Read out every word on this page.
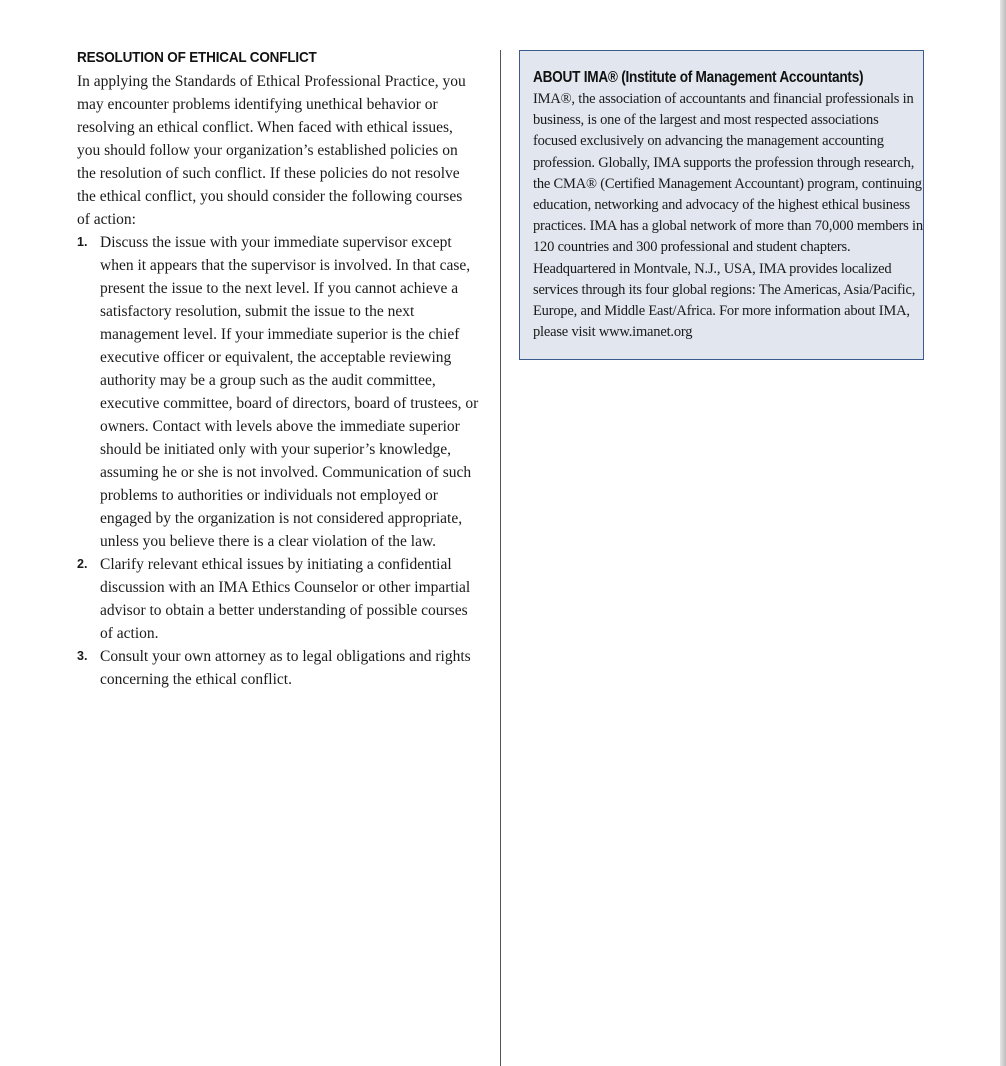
RESOLUTION OF ETHICAL CONFLICT

In applying the Standards of Ethical Professional Practice, you may encounter problems identifying unethical behavior or resolving an ethical conflict. When faced with ethical issues, you should follow your organization’s established policies on the resolution of such conflict. If these policies do not resolve the ethical conflict, you should consider the following courses of action:

1. Discuss the issue with your immediate supervisor except when it appears that the supervisor is involved. In that case, present the issue to the next level. If you cannot achieve a satisfactory resolution, submit the issue to the next management level. If your immediate superior is the chief executive officer or equivalent, the acceptable reviewing authority may be a group such as the audit committee, executive committee, board of directors, board of trustees, or owners. Contact with levels above the immediate superior should be initiated only with your superior’s knowledge, assuming he or she is not involved. Communication of such problems to authorities or individuals not employed or engaged by the organization is not considered appropriate, unless you believe there is a clear violation of the law.
2. Clarify relevant ethical issues by initiating a confidential discussion with an IMA Ethics Counselor or other impartial advisor to obtain a better understanding of possible courses of action.
3. Consult your own attorney as to legal obligations and rights concerning the ethical conflict.
ABOUT IMA® (Institute of Management Accountants)
IMA®, the association of accountants and financial professionals in business, is one of the largest and most respected associations focused exclusively on advancing the management accounting profession. Globally, IMA supports the profession through research, the CMA® (Certified Management Accountant) program, continuing education, networking and advocacy of the highest ethical business practices. IMA has a global network of more than 70,000 members in 120 countries and 300 professional and student chapters. Headquartered in Montvale, N.J., USA, IMA provides localized services through its four global regions: The Americas, Asia/Pacific, Europe, and Middle East/Africa. For more information about IMA, please visit www.imanet.org
